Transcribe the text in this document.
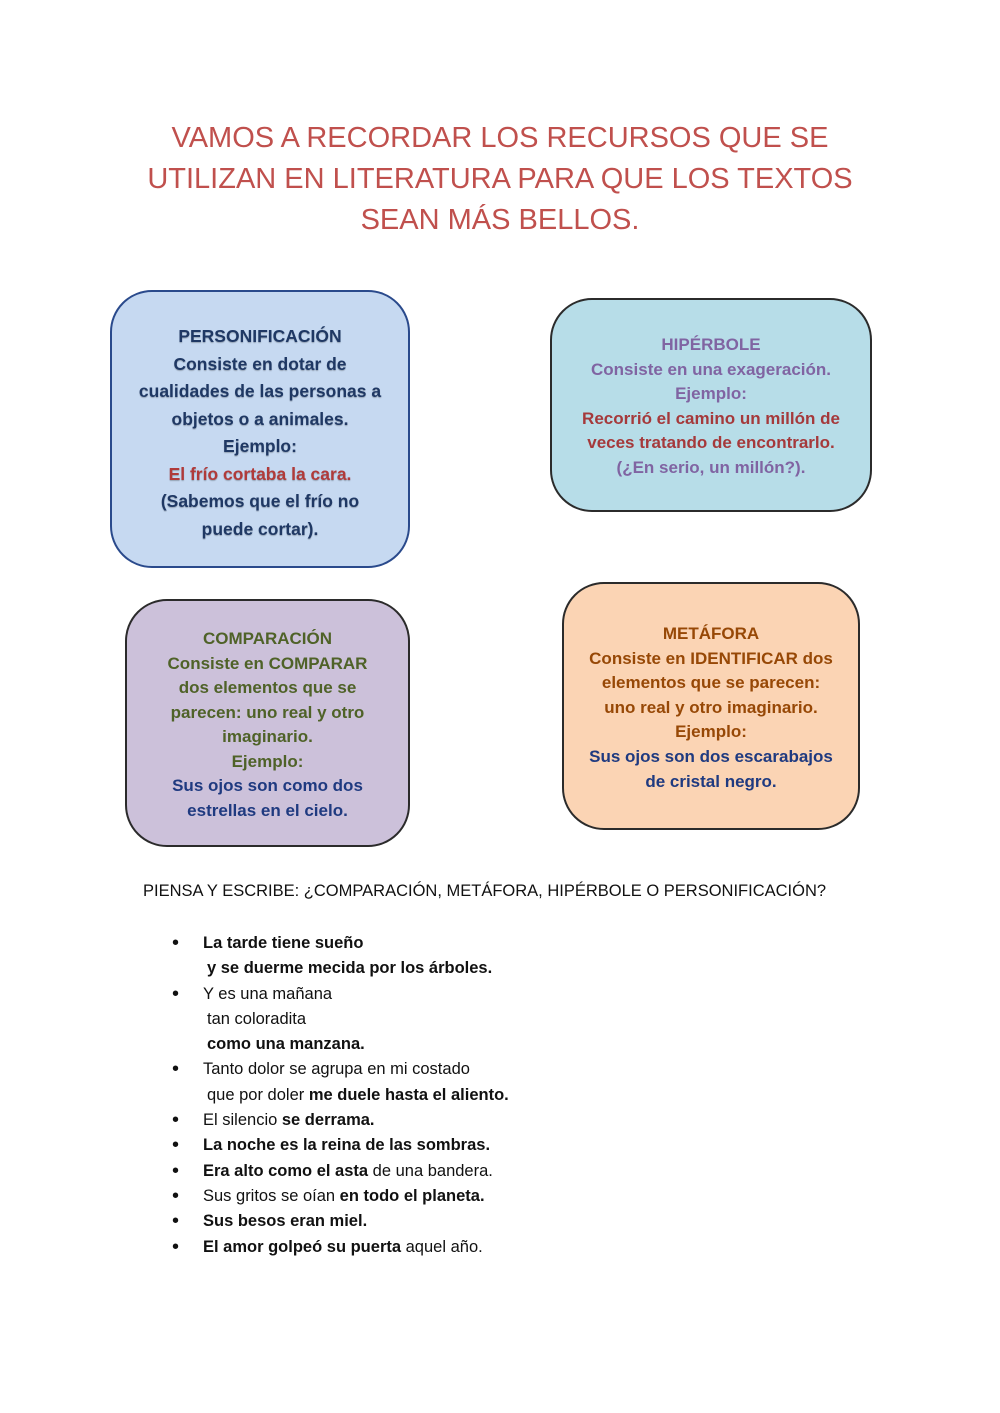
VAMOS A RECORDAR LOS RECURSOS QUE SE
UTILIZAN EN LITERATURA PARA QUE LOS TEXTOS
SEAN MÁS BELLOS.
PERSONIFICACIÓN
Consiste en dotar de
cualidades de las personas a
objetos o a animales.
Ejemplo:
El frío cortaba la cara.
(Sabemos que el frío no
puede cortar).
HIPÉRBOLE
Consiste en una exageración.
Ejemplo:
Recorrió el camino un millón de
veces tratando de encontrarlo.
(¿En serio, un millón?).
COMPARACIÓN
Consiste en COMPARAR
dos elementos que se
parecen: uno real y otro
imaginario.
Ejemplo:
Sus ojos son como dos
estrellas en el cielo.
METÁFORA
Consiste en IDENTIFICAR dos
elementos que se parecen:
uno real y otro imaginario.
Ejemplo:
Sus ojos son dos escarabajos
de cristal negro.
PIENSA Y ESCRIBE: ¿COMPARACIÓN, METÁFORA, HIPÉRBOLE O PERSONIFICACIÓN?
• La tarde tiene sueño
y se duerme mecida por los árboles.
• Y es una mañana
tan coloradita
como una manzana.
• Tanto dolor se agrupa en mi costado
que por doler me duele hasta el aliento.
• El silencio se derrama.
• La noche es la reina de las sombras.
• Era alto como el asta de una bandera.
• Sus gritos se oían en todo el planeta.
• Sus besos eran miel.
• El amor golpeó su puerta aquel año.
